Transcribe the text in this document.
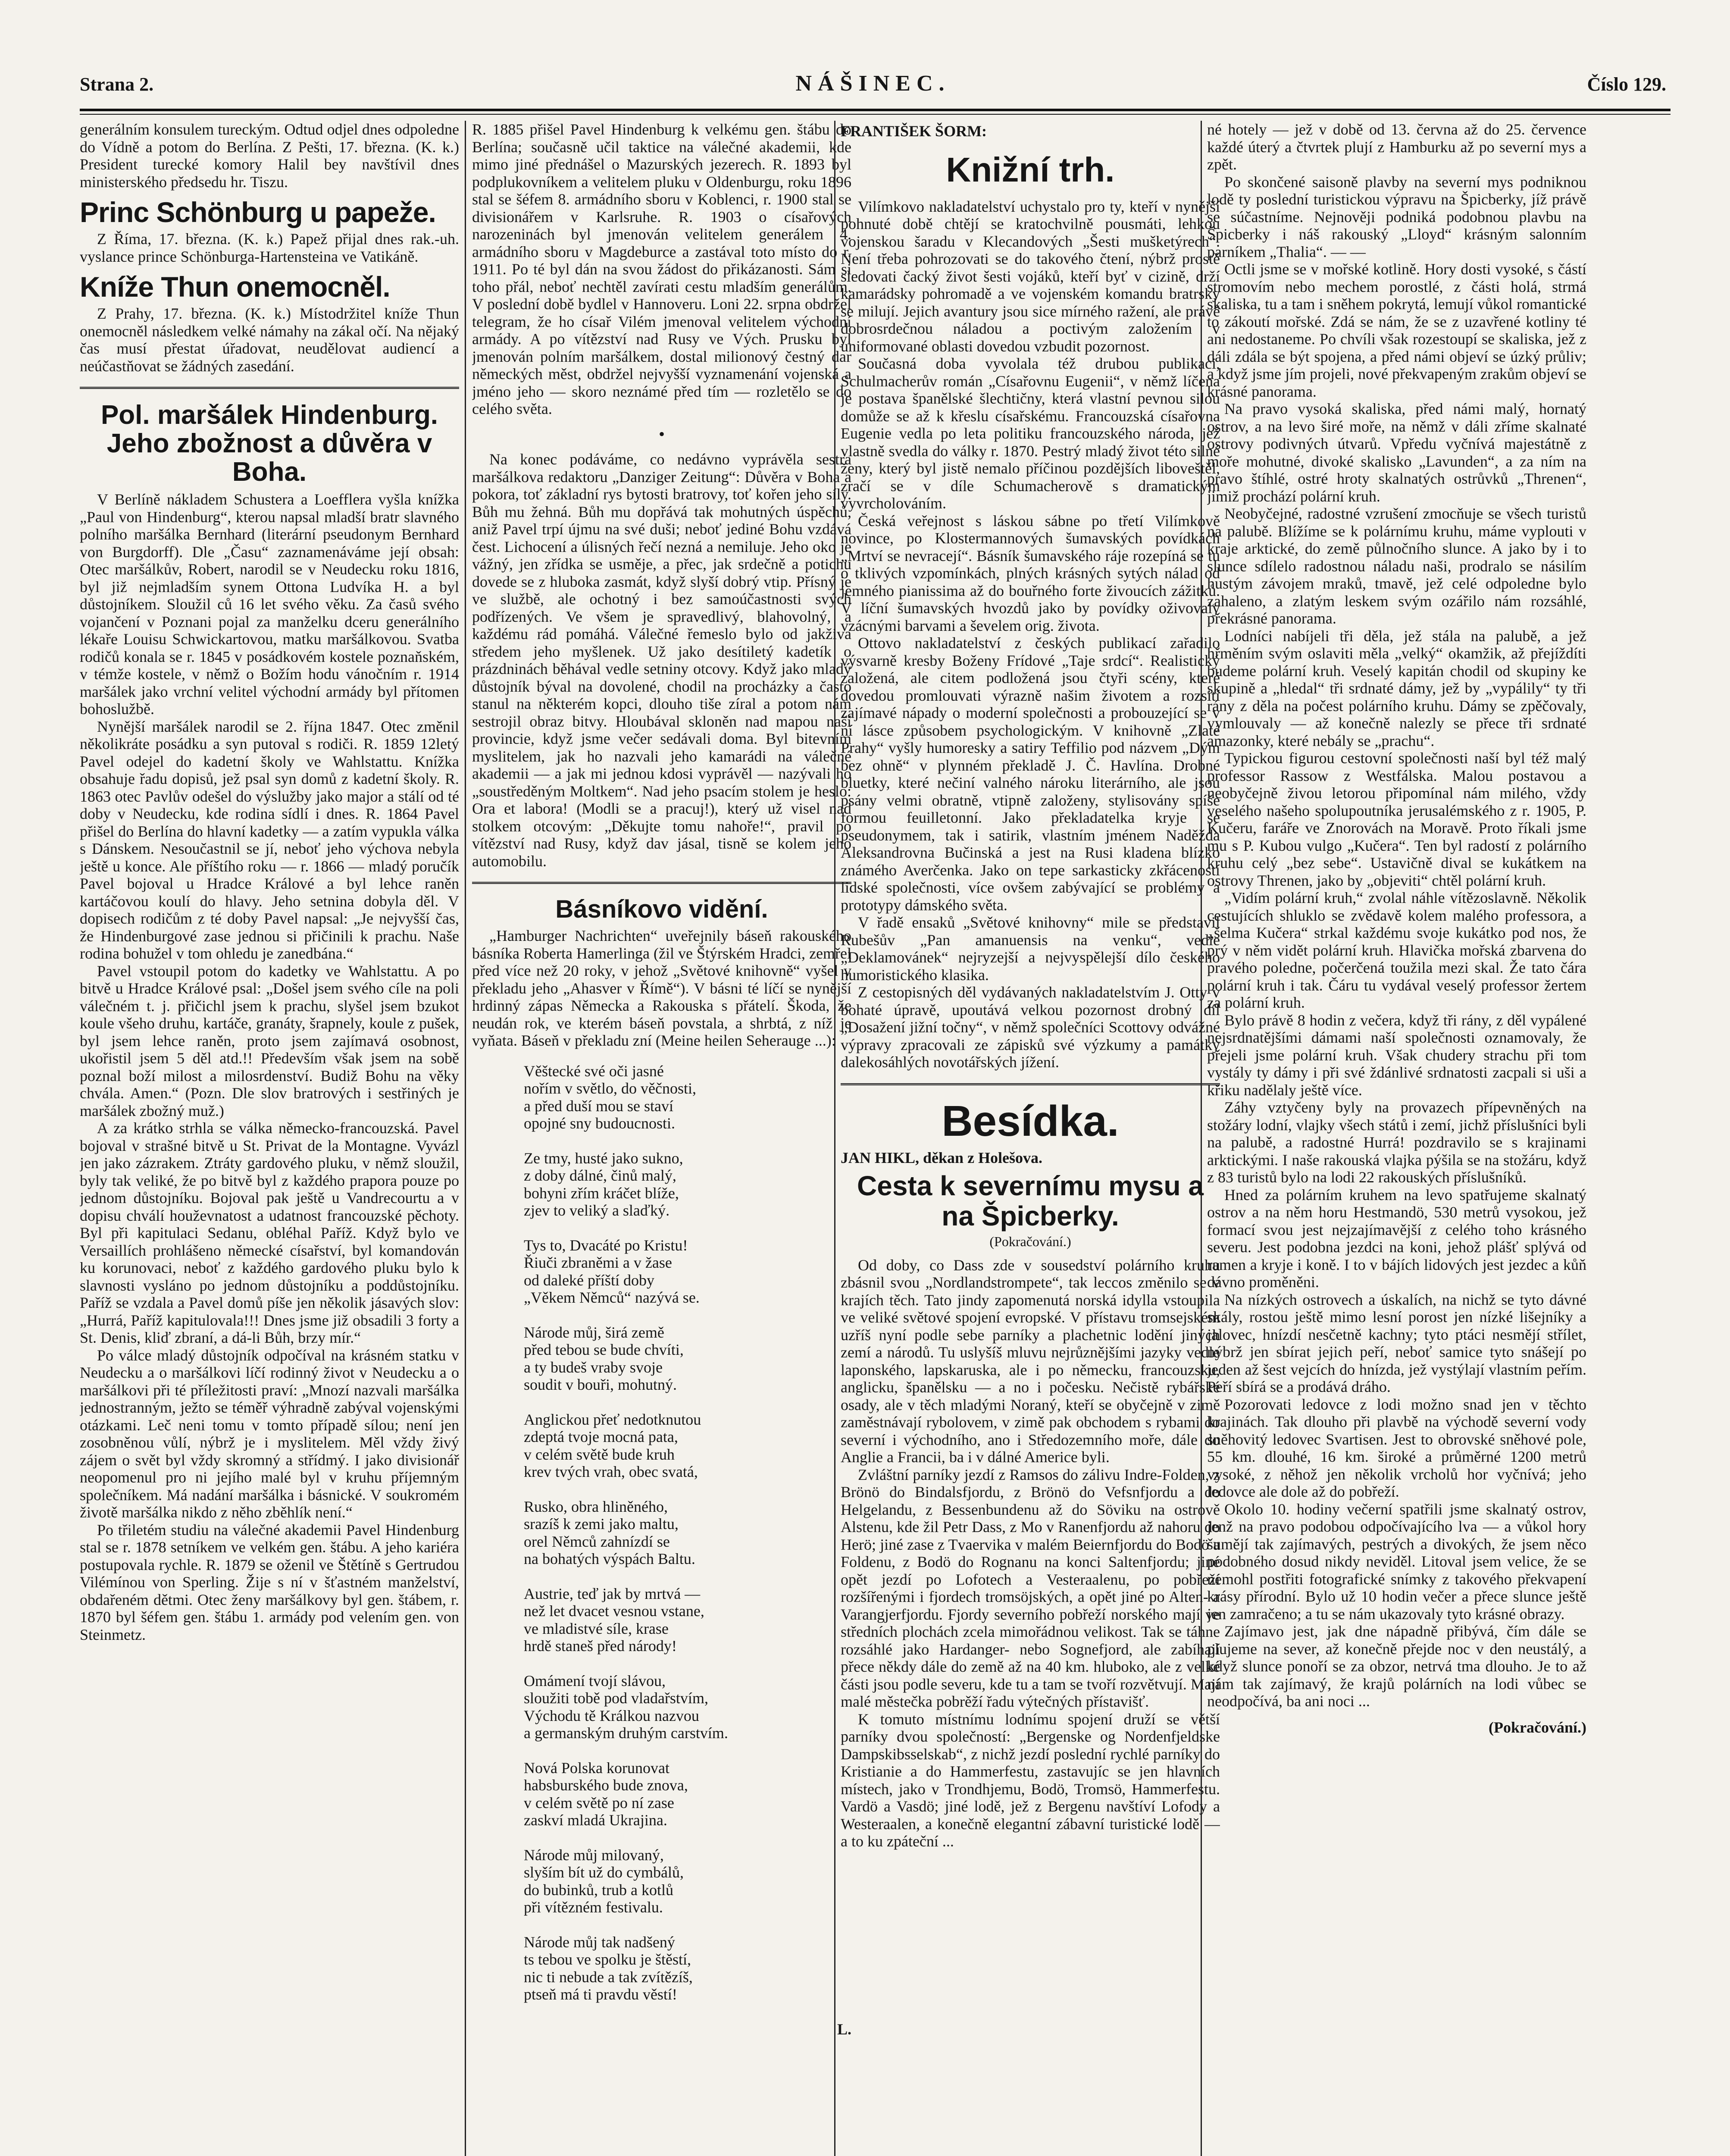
Strana 2.	NÁŠINEC.	Číslo 129.

generálním konsulem tureckým. Odtud odjel dnes odpoledne do Vídně a potom do Berlína. Z Pešti, 17. března. (K. k.) President turecké komory Halil bey navštívil dnes ministerského předsedu hr. Tiszu.

Princ Schönburg u papeže.

Z Říma, 17. března. (K. k.) Papež přijal dnes rak.-uh. vyslance prince Schönburga-Hartensteina ve Vatikáně.

Kníže Thun onemocněl.

Z Prahy, 17. března. (K. k.) Místodržitel kníže Thun onemocněl následkem velké námahy na zákal očí. Na nějaký čas musí přestat úřadovat, neudělovat audiencí a neúčastňovat se žádných zasedání.

Pol. maršálek Hindenburg. Jeho zbožnost a důvěra v Boha.

V Berlíně nákladem Schustera a Loefflera vyšla knížka „Paul von Hindenburg“, kterou napsal mladší bratr slavného polního maršálka Bernhard (literární pseudonym Bernhard von Burgdorff). Dle „Času“ zaznamenáváme její obsah: Otec maršálkův, Robert, narodil se v Neudecku roku 1816, byl již nejmladším synem Ottona Ludvíka H. a byl důstojníkem. Sloužil ců 16 let svého věku. Za časů svého vojančení v Poznani pojal za manželku dceru generálního lékaře Louisu Schwickartovou, matku maršálkovou. Svatba rodičů konala se r. 1845 v posádkovém kostele poznaňském, v témže kostele, v němž o Božím hodu vánočním r. 1914 maršálek jako vrchní velitel východní armády byl přítomen bohoslužbě.

Nynější maršálek narodil se 2. října 1847. Otec změnil několikráte posádku a syn putoval s rodiči. R. 1859 12letý Pavel odejel do kadetní školy ve Wahlstattu. Knížka obsahuje řadu dopisů, jež psal syn domů z kadetní školy. R. 1863 otec Pavlův odešel do výslužby jako major a stálí od té doby v Neudecku, kde rodina sídlí i dnes. R. 1864 Pavel přišel do Berlína do hlavní kadetky — a zatím vypukla válka s Dánskem. Nesoučastnil se jí, neboť jeho výchova nebyla ještě u konce. Ale příštího roku — r. 1866 — mladý poručík Pavel bojoval u Hradce Králové a byl lehce raněn kartáčovou koulí do hlavy. Jeho setnina dobyla děl. V dopisech rodičům z té doby Pavel napsal: „Je nejvyšší čas, že Hindenburgové zase jednou si přičinili k prachu. Naše rodina bohužel v tom ohledu je zanedbána.“

Pavel vstoupil potom do kadetky ve Wahlstattu. A po bitvě u Hradce Králové psal: „Došel jsem svého cíle na poli válečném t. j. přičichl jsem k prachu, slyšel jsem bzukot koule všeho druhu, kartáče, granáty, šrapnely, koule z pušek, byl jsem lehce raněn, proto jsem zajímavá osobnost, ukořistil jsem 5 děl atd.!! Především však jsem na sobě poznal boží milost a milosrdenství. Budiž Bohu na věky chvála. Amen.“ (Pozn. Dle slov bratrových i sestřiných je maršálek zbožný muž.)

A za krátko strhla se válka německo-francouzská. Pavel bojoval v strašné bitvě u St. Privat de la Montagne. Vyvázl jen jako zázrakem. Ztráty gardového pluku, v němž sloužil, byly tak veliké, že po bitvě byl z každého prapora pouze po jednom důstojníku. Bojoval pak ještě u Vandrecourtu a v dopisu chválí houževnatost a udatnost francouzské pěchoty. Byl při kapitulaci Sedanu, obléhal Paříž. Když bylo ve Versaillích prohlášeno německé císařství, byl komandován ku korunovaci, neboť z každého gardového pluku bylo k slavnosti vysláno po jednom důstojníku a poddůstojníku. Paříž se vzdala a Pavel domů píše jen několik jásavých slov: „Hurrá, Paříž kapitulovala!!! Dnes jsme již obsadili 3 forty a St. Denis, kliď zbraní, a dá-li Bůh, brzy mír.“

Po válce mladý důstojník odpočíval na krásném statku v Neudecku a o maršálkovi líčí rodinný život v Neudecku a o maršálkovi při té příležitosti praví: „Mnozí nazvali maršálka jednostranným, ježto se téměř výhradně zabýval vojenskými otázkami. Leč neni tomu v tomto případě sílou; není jen zosobněnou vůlí, nýbrž je i myslitelem. Měl vždy živý zájem o svět byl vždy skromný a střídmý. I jako divisionář neopomenul pro ni jejího malé byl v kruhu příjemným společníkem. Má nadání maršálka i básnické. V soukromém životě maršálka nikdo z něho zběhlík není.“

Po třiletém studiu na válečné akademii Pavel Hindenburg stal se r. 1878 setníkem ve velkém gen. štábu. A jeho kariéra postupovala rychle. R. 1879 se oženil ve Štětíně s Gertrudou Vilémínou von Sperling. Žije s ní v šťastném manželství, obdařeném dětmi. Otec ženy maršálkovy byl gen. štábem, r. 1870 byl šéfem gen. štábu 1. armády pod velením gen. von Steinmetz.

R. 1885 přišel Pavel Hindenburg k velkému gen. štábu do Berlína; současně učil taktice na válečné akademii, kde mimo jiné přednášel o Mazurských jezerech. R. 1893 byl podplukovníkem a velitelem pluku v Oldenburgu, roku 1896 stal se šéfem 8. armádního sboru v Koblenci, r. 1900 stal se divisionářem v Karlsruhe. R. 1903 o císařových narozeninách byl jmenován velitelem generálem 4. armádního sboru v Magdeburce a zastával toto místo do r. 1911. Po té byl dán na svou žádost do přikázanosti. Sám si toho přál, neboť nechtěl zavírati cestu mladším generálům. V poslední době bydlel v Hannoveru. Loni 22. srpna obdržel telegram, že ho císař Vilém jmenoval velitelem východní armády. A po vítězství nad Rusy ve Vých. Prusku byl jmenován polním maršálkem, dostal milionový čestný dar německých měst, obdržel nejvyšší vyznamenání vojenská a jméno jeho — skoro neznámé před tím — rozletělo se do celého světa.

•

Na konec podáváme, co nedávno vyprávěla sestra maršálkova redaktoru „Danziger Zeitung“: Důvěra v Boha a pokora, toť základní rys bytosti bratrovy, toť kořen jeho síly. Bůh mu žehná. Bůh mu dopřává tak mohutných úspěchů, aniž Pavel trpí újmu na své duši; neboť jediné Bohu vzdává čest. Lichocení a úlisných řečí nezná a nemiluje. Jeho oko je vážný, jen zřídka se usměje, a přec, jak srdečně a potichu dovede se z hluboka zasmát, když slyší dobrý vtip. Přísný je ve službě, ale ochotný i bez samoúčastnosti svých podřízených. Ve všem je spravedlivý, blahovolný, a každému rád pomáhá. Válečné řemeslo bylo od jakživa středem jeho myšlenek. Už jako desítiletý kadetík o prázdninách běhával vedle setniny otcovy. Když jako mladý důstojník býval na dovolené, chodil na procházky a často stanul na některém kopci, dlouho tiše zíral a potom nám sestrojil obraz bitvy. Hloubával skloněn nad mapou naší provincie, když jsme večer sedávali doma. Byl bitevním myslitelem, jak ho nazvali jeho kamarádi na válečné akademii — a jak mi jednou kdosi vyprávěl — nazývali ho „soustředěným Moltkem“. Nad jeho psacím stolem je heslo: Ora et labora! (Modli se a pracuj!), který už visel nad stolkem otcovým: „Děkujte tomu nahoře!“, pravil po vítězství nad Rusy, když dav jásal, tisně se kolem jeho automobilu.

Básníkovo vidění.

„Hamburger Nachrichten“ uveřejnily báseň rakouského básníka Roberta Hamerlinga (žil ve Štýrském Hradci, zemřel před více než 20 roky, v jehož „Světové knihovně“ vyšel v překladu jeho „Ahasver v Římě“). V básni té líčí se nynější hrdinný zápas Německa a Rakouska s přátelí. Škoda, že neudán rok, ve kterém báseň povstala, a shrbtá, z níž je vyňata. Báseň v překladu zní (Meine heilen Seherauge ...):

Věštecké své oči jasné
nořím v světlo, do věčnosti,
a před duší mou se staví
opojné sny budoucnosti.
Ze tmy, husté jako sukno,
z doby dálné, činů malý,
bohyni zřím kráčet blíže,
zjev to veliký a slaďký.
Tys to, Dvacáté po Kristu!
Řiuči zbraněmi a v žase
od daleké příští doby
„Věkem Němců“ nazývá se.
Národe můj, širá země
před tebou se bude chvíti,
a ty budeš vraby svoje
soudit v bouři, mohutný.
Anglickou přeť nedotknutou
zdeptá tvoje mocná pata,
v celém světě bude kruh
krev tvých vrah, obec svatá,
Rusko, obra hliněného,
srazíš k zemi jako maltu,
orel Němců zahnízdí se
na bohatých výspách Baltu.
Austrie, teď jak by mrtvá —
než let dvacet vesnou vstane,
ve mladistvé síle, krase
hrdě staneš před národy!
Omámení tvojí slávou,
sloužiti tobě pod vladařstvím,
Východu tě Králkou nazvou
a germanským druhým carstvím.
Nová Polska korunovat
habsburského bude znova,
v celém světě po ní zase
zaskví mladá Ukrajina.
Národe můj milovaný,
slyším bít už do cymbálů,
do bubinků, trub a kotlů
při vítězném festivalu.
Národe můj tak nadšený
ts tebou ve spolku je štěstí,
nic ti nebude a tak zvítězíš,
ptseň má ti pravdu věstí!
L.
FRANTIŠEK ŠORM:
Knižní trh.

Vilímkovo nakladatelství uchystalo pro ty, kteří v nynější pohnuté době chtějí se kratochvilně pousmáti, lehkou vojenskou šaradu v Klecandových „Šesti mušketýrech“. Není třeba pohrozovati se do takového čtení, nýbrž prostě sledovati čacký život šesti vojáků, kteří byť v cizině, drží kamarádsky pohromadě a ve vojenském komandu bratrsky se milují. Jejich avantury jsou sice mírného ražení, ale právě dobrosrdečnou náladou a poctivým založením v uniformované oblasti dovedou vzbudit pozornost.

Současná doba vyvolala též drubou publikaci, Schulmacherův román „Císařovnu Eugenii“, v němž líčena je postava španělské šlechtičny, která vlastní pevnou silou domůže se až k křeslu císařskému. Francouzská císařovna Eugenie vedla po leta politiku francouzského národa, jež vlastně svedla do války r. 1870. Pestrý mladý život této silné ženy, který byl jistě nemalo příčinou pozdějších liboveštěl, zračí se v díle Schumacherově s dramatickým vyvrcholováním.

Česká veřejnost s láskou sábne po třetí Vilímkově novince, po Klostermannových šumavských povídkách „Mrtví se nevracejí“. Básník šumavského ráje rozepíná se tu o tklivých vzpomínkách, plných krásných sytých nálad od jemného pianissima až do bouřného forte živoucích zážitků. V líční šumavských hvozdů jako by povídky oživovaly vzácnými barvami a ševelem orig. života.

Ottovo nakladatelství z českých publikací zařadilo výsvarně kresby Boženy Frídové „Taje srdcí“. Realistický založená, ale citem podložená jsou čtyři scény, které dovedou promlouvati výrazně našim životem a rozsití zajímavé nápady o moderní společnosti a probouzející se v ní lásce způsobem psychologickým. V knihovně „Zlaté Prahy“ vyšly humoresky a satiry Teffilio pod názvem „Dým bez ohně“ v plynném překladě J. Č. Havlína. Drobné bluetky, které nečiní valného nároku literárního, ale jsou psány velmi obratně, vtipně založeny, stylisovány spíše formou feuilletonní. Jako překladatelka kryje se pseudonymem, tak i satirik, vlastním jménem Naděžda Aleksandrovna Bučinská a jest na Rusi kladena blízko známého Averčenka. Jako on tepe sarkasticky zkřáceností lidské společnosti, více ovšem zabývající se problémy a prototypy dámského světa.

V řadě ensaků „Světové knihovny“ mile se představil Rubešův „Pan amanuensis na venku“, vedle „Deklamovánek“ nejryzejší a nejvyspělejší dílo českého humoristického klasika.

Z cestopisných děl vydávaných nakladatelstvím J. Otty v bohaté úpravě, upoutává velkou pozornost drobný díl „Dosažení jižní točny“, v němž společníci Scottovy odvážné výpravy zpracovali ze zápisků své výzkumy a památky dalekosáhlých novotářských jížení.

Besídka.
JAN HIKL, děkan z Holešova.
Cesta k severnímu mysu a na Špicberky.
(Pokračování.)

Od doby, co Dass zde v sousedství polárního kruhu zbásnil svou „Nordlandstrompete“, tak leccos změnilo se v krajích těch. Tato jindy zapomenutá norská idylla vstoupila ve veliké světové spojení evropské. V přístavu tromsejském uzříš nyní podle sebe parníky a plachetnic lodění jiných zemí a národů. Tu uslyšíš mluvu nejrůznějšími jazyky vedle laponského, lapskaruska, ale i po německu, francouzsku, anglicku, španělsku — a no i počesku. Nečistě rybářské osady, ale v těch mladými Noraný, kteří se obyčejně v zimě zaměstnávají rybolovem, v zimě pak obchodem s rybami do severní i východního, ano i Středozemního moře, dále do Anglie a Francii, ba i v dálné Americe byli.

Zvláštní parníky jezdí z Ramsos do zálivu Indre-Folden, z Brönö do Bindalsfjordu, z Brönö do Vefsnfjordu a do Helgelandu, z Bessenbundenu až do Söviku na ostrově Alstenu, kde žil Petr Dass, z Mo v Ranenfjordu až nahoru do Herö; jiné zase z Tvaervika v malém Beiernfjordu do Bodö a Foldenu, z Bodö do Rognanu na konci Saltenfjordu; jiné opět jezdí po Lofotech a Vesteraalenu, po pobřeží rozšířenými i fjordech tromsöjských, a opět jiné po Alten- a Varangjerfjordu. Fjordy severního pobřeží norského mají ve středních plochách zcela mimořádnou velikost. Tak se táhne rozsáhlé jako Hardanger- nebo Sognefjord, ale zabíhají přece někdy dále do země až na 40 km. hluboko, ale z velké části jsou podle severu, kde tu a tam se tvoří rozvětvují. Mají malé městečka pobrěží řadu výtečných přístavišť.

K tomuto místnímu lodnímu spojení druží se větší parníky dvou společností: „Bergenske og Nordenfjeldske Dampskibsselskab“, z nichž jezdí poslední rychlé parníky do Kristianie a do Hammerfestu, zastavujíc se jen hlavních místech, jako v Trondhjemu, Bodö, Tromsö, Hammerfestu. Vardö a Vasdö; jiné lodě, jež z Bergenu navštíví Lofody a Westeraalen, a konečně elegantní zábavní turistické lodě — a to ku zpáteční ...

né hotely — jež v době od 13. června až do 25. července každé úterý a čtvrtek plují z Hamburku až po severní mys a zpět.

Po skončené saisoně plavby na severní mys podniknou lodě ty poslední turistickou výpravu na Špicberky, jíž právě se súčastníme. Nejnověji podniká podobnou plavbu na Špicberky i náš rakouský „Lloyd“ krásným salonním parníkem „Thalia“. — —

Octli jsme se v mořské kotlině. Hory dosti vysoké, s částí stromovím nebo mechem porostlé, z části holá, strmá skaliska, tu a tam i sněhem pokrytá, lemují vůkol romantické to zákoutí mořské. Zdá se nám, že se z uzavřené kotliny té ani nedostaneme. Po chvíli však rozestoupí se skaliska, jež z dáli zdála se být spojena, a před námi objeví se úzký průliv; a když jsme jím projeli, nové překvapeným zrakům objeví se krásné panorama.

Na pravo vysoká skaliska, před námi malý, hornatý ostrov, a na levo širé moře, na němž v dáli zříme skalnaté ostrovy podivných útvarů. Vpředu vyčnívá majestátně z moře mohutné, divoké skalisko „Lavunden“, a za ním na pravo štíhlé, ostré hroty skalnatých ostrůvků „Threnen“, jimiž prochází polární kruh.

Neobyčejné, radostné vzrušení zmocňuje se všech turistů na palubě. Blížíme se k polárnímu kruhu, máme vyplouti v kraje arktické, do země půlnočního slunce. A jako by i to slunce sdílelo radostnou náladu naši, prodralo se násilím hustým závojem mraků, tmavě, jež celé odpoledne bylo zahaleno, a zlatým leskem svým ozářilo nám rozsáhlé, překrásné panorama.

Lodníci nabíjeli tři děla, jež stála na palubě, a jež hřměním svým oslaviti měla „velký“ okamžik, až přejíždíti budeme polární kruh. Veselý kapitán chodil od skupiny ke skupině a „hledal“ tři srdnaté dámy, jež by „vypálily“ ty tři rány z děla na počest polárního kruhu. Dámy se zpěčovaly, vymlouvaly — až konečně nalezly se přece tři srdnaté amazonky, které nebály se „prachu“.

Typickou figurou cestovní společnosti naší byl též malý professor Rassow z Westfálska. Malou postavou a neobyčejně živou letorou připomínal nám milého, vždy veselého našeho spolupoutníka jerusalémského z r. 1905, P. Kučeru, faráře ve Znorovách na Moravě. Proto říkali jsme mu s P. Kubou vulgo „Kučera“. Ten byl radostí z polárního kruhu celý „bez sebe“. Ustavičně dival se kukátkem na ostrovy Threnen, jako by „objeviti“ chtěl polární kruh.

„Vidím polární kruh,“ zvolal náhle vítězoslavně. Několik cestujících shluklo se zvědavě kolem malého professora, a „šelma Kučera“ strkal každému svoje kukátko pod nos, že prý v něm vidět polární kruh. Hlavička mořská zbarvena do pravého poledne, počerčená toužila mezi skal. Že tato čára polární kruh i tak. Čáru tu vydával veselý professor žertem za polární kruh.

Bylo právě 8 hodin z večera, když tři rány, z děl vypálené nejsrdnatějšími dámami naší společnosti oznamovaly, že přejeli jsme polární kruh. Však chudery strachu při tom vystály ty dámy i při své ždánlivé srdnatosti zacpali si uši a křiku nadělaly ještě více.

Záhy vztyčeny byly na provazech přípevněných na stožáry lodní, vlajky všech států i zemí, jichž příslušníci byli na palubě, a radostné Hurrá! pozdravilo se s krajinami arktickými. I naše rakouská vlajka pýšila se na stožáru, když z 83 turistů bylo na lodi 22 rakouských příslušníků.

Hned za polárním kruhem na levo spatřujeme skalnatý ostrov a na něm horu Hestmandö, 530 metrů vysokou, jež formací svou jest nejzajímavější z celého toho krásného severu. Jest podobna jezdci na koni, jehož plášť splývá od ramen a kryje i koně. I to v bájích lidových jest jezdec a kůň dávno proměněni.

Na nízkých ostrovech a úskalích, na nichž se tyto dávné skály, rostou ještě mimo lesní porost jen nízké lišejníky a jalovec, hnízdí nesčetně kachny; tyto ptáci nesmějí střílet, nýbrž jen sbírat jejich peří, neboť samice tyto snášejí po jeden až šest vejcích do hnízda, jež vystýlají vlastním peřím. Peří sbírá se a prodává dráho.

Pozorovati ledovce z lodi možno snad jen v těchto krajinách. Tak dlouho při plavbě na východě severní vody sněhovitý ledovec Svartisen. Jest to obrovské sněhové pole, 55 km. dlouhé, 16 km. široké a průměrné 1200 metrů vysoké, z něhož jen několik vrcholů hor vyčnívá; jeho ledovce ale dole až do pobřeží.

Okolo 10. hodiny večerní spatřili jsme skalnatý ostrov, jenž na pravo podobou odpočívajícího lva — a vůkol hory šumějí tak zajímavých, pestrých a divokých, že jsem něco podobného dosud nikdy neviděl. Litoval jsem velice, že se nemohl postřiti fotografické snímky z takového překvapení krásy přírodní. Bylo už 10 hodin večer a přece slunce ještě jen zamračeno; a tu se nám ukazovaly tyto krásné obrazy.

Zajímavo jest, jak dne nápadně přibývá, čím dále se plujeme na sever, až konečně přejde noc v den neustálý, a když slunce ponoří se za obzor, netrvá tma dlouho. Je to až nám tak zajímavý, že krajů polárních na lodi vůbec se neodpočívá, ba ani noci ...

(Pokračování.)
